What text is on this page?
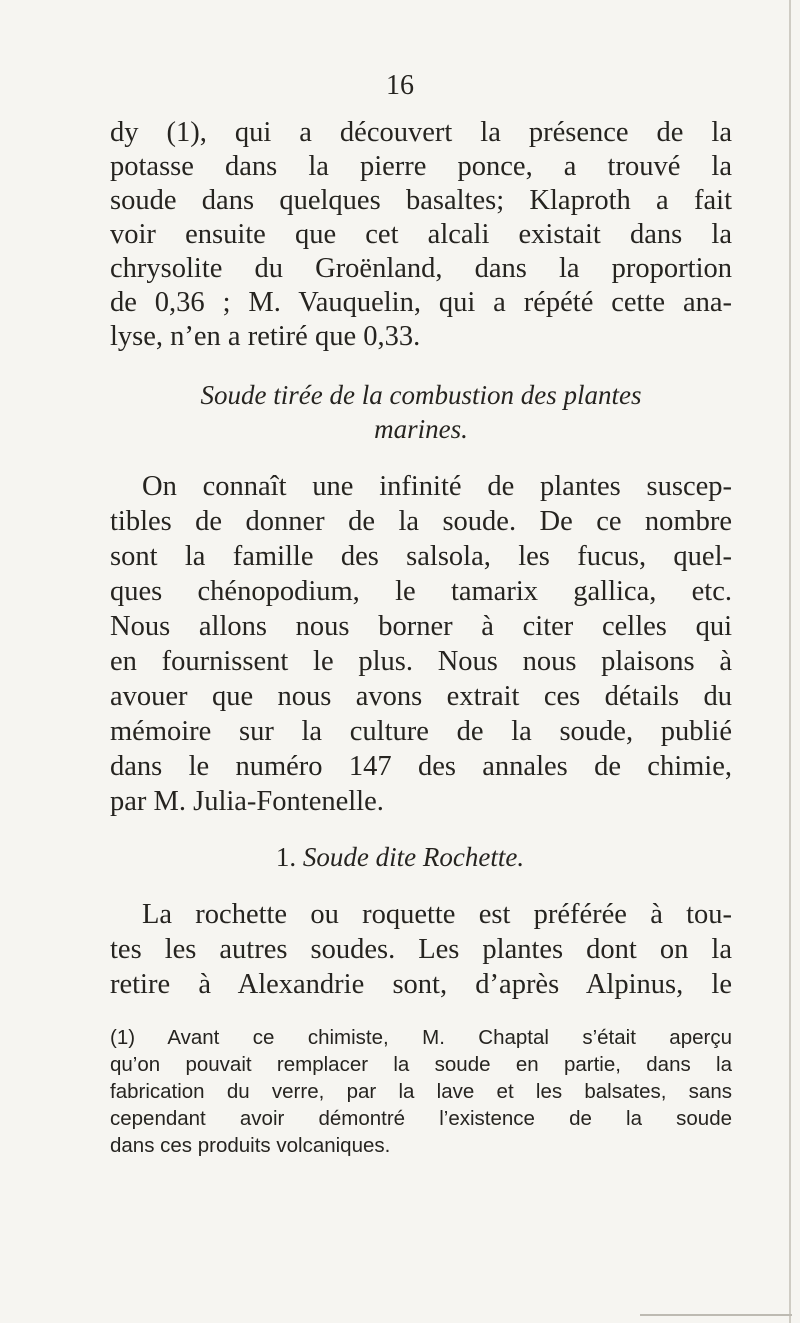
16
dy (1), qui a découvert la présence de la
potasse dans la pierre ponce, a trouvé la
soude dans quelques basaltes; Klaproth a fait
voir ensuite que cet alcali existait dans la
chrysolite du Groënland, dans la proportion
de 0,36 ; M. Vauquelin, qui a répété cette ana-
lyse, n’en a retiré que 0,33.
Soude tirée de la combustion des plantes
marines.
On connaît une infinité de plantes suscep-
tibles de donner de la soude. De ce nombre
sont la famille des salsola, les fucus, quel-
ques chénopodium, le tamarix gallica, etc.
Nous allons nous borner à citer celles qui
en fournissent le plus. Nous nous plaisons à
avouer que nous avons extrait ces détails du
mémoire sur la culture de la soude, publié
dans le numéro 147 des annales de chimie,
par M. Julia-Fontenelle.
1. Soude dite Rochette.
La rochette ou roquette est préférée à tou-
tes les autres soudes. Les plantes dont on la
retire à Alexandrie sont, d’après Alpinus, le
(1) Avant ce chimiste, M. Chaptal s’était aperçu
qu’on pouvait remplacer la soude en partie, dans la
fabrication du verre, par la lave et les balsates, sans
cependant avoir démontré l’existence de la soude
dans ces produits volcaniques.
